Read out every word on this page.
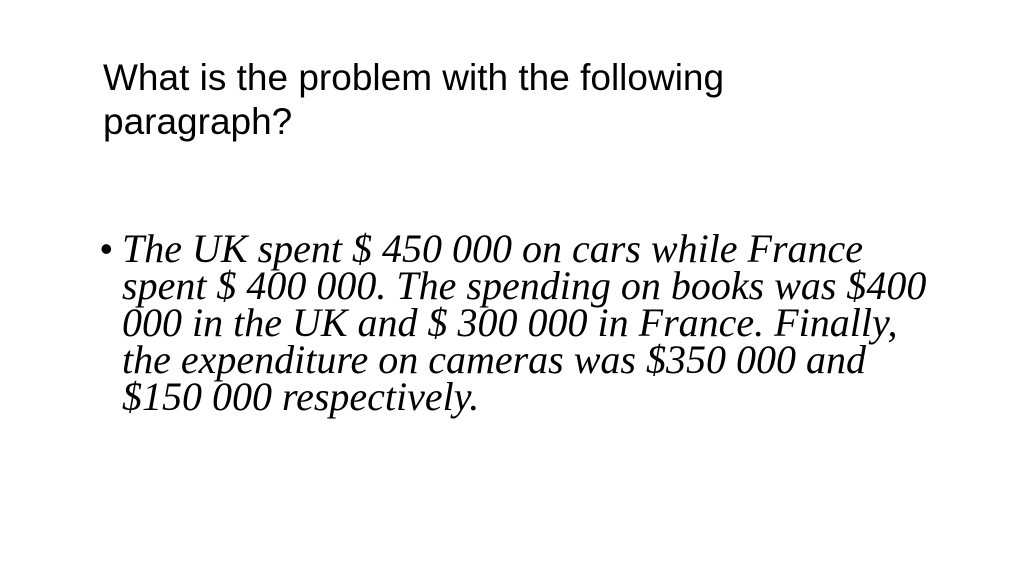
What is the problem with the following paragraph?
• The UK spent $ 450 000 on cars while France spent $ 400 000. The spending on books was $400 000 in the UK and $ 300 000 in France. Finally, the expenditure on cameras was $350 000 and $150 000 respectively.
